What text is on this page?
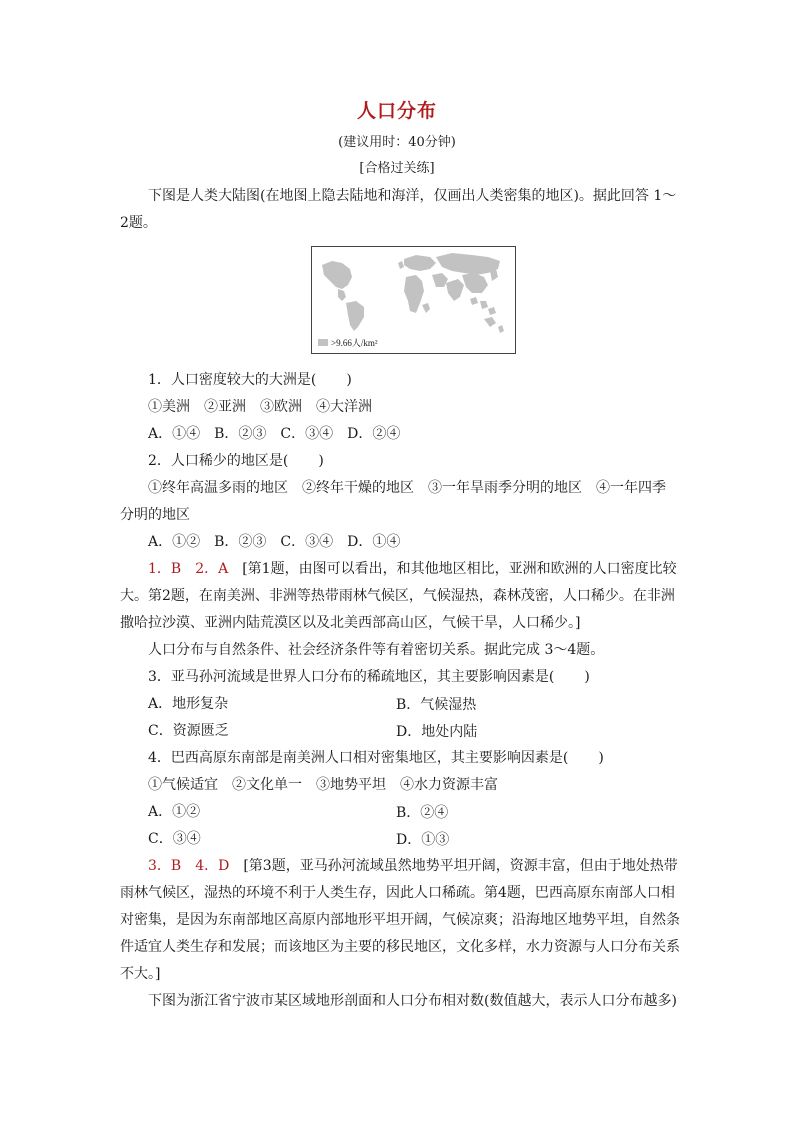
人口分布
(建议用时：40分钟)
[合格过关练]
下图是人类大陆图(在地图上隐去陆地和海洋，仅画出人类密集的地区)。据此回答 1～
2题。
>9.66人/km²
1．人口密度较大的大洲是( )
①美洲　②亚洲　③欧洲　④大洋洲
A．①④　B．②③　C．③④　D．②④
2．人口稀少的地区是( )
①终年高温多雨的地区　②终年干燥的地区　③一年旱雨季分明的地区　④一年四季
分明的地区
A．①②　B．②③　C．③④　D．①④
1．B　2．A　 [第1题，由图可以看出，和其他地区相比，亚洲和欧洲的人口密度比较
大。第2题，在南美洲、非洲等热带雨林气候区，气候湿热，森林茂密，人口稀少。在非洲
撒哈拉沙漠、亚洲内陆荒漠区以及北美西部高山区，气候干旱，人口稀少。]
人口分布与自然条件、社会经济条件等有着密切关系。据此完成 3～4题。
3．亚马孙河流域是世界人口分布的稀疏地区，其主要影响因素是( )
A．地形复杂	B．气候湿热
C．资源匮乏	D．地处内陆
4．巴西高原东南部是南美洲人口相对密集地区，其主要影响因素是( )
①气候适宜　②文化单一　③地势平坦　④水力资源丰富
A．①②	B．②④
C．③④	D．①③
3．B　4．D　 [第3题，亚马孙河流域虽然地势平坦开阔，资源丰富，但由于地处热带
雨林气候区，湿热的环境不利于人类生存，因此人口稀疏。第4题，巴西高原东南部人口相
对密集，是因为东南部地区高原内部地形平坦开阔，气候凉爽；沿海地区地势平坦，自然条
件适宜人类生存和发展；而该地区为主要的移民地区，文化多样，水力资源与人口分布关系
不大。]
下图为浙江省宁波市某区域地形剖面和人口分布相对数(数值越大，表示人口分布越多)
